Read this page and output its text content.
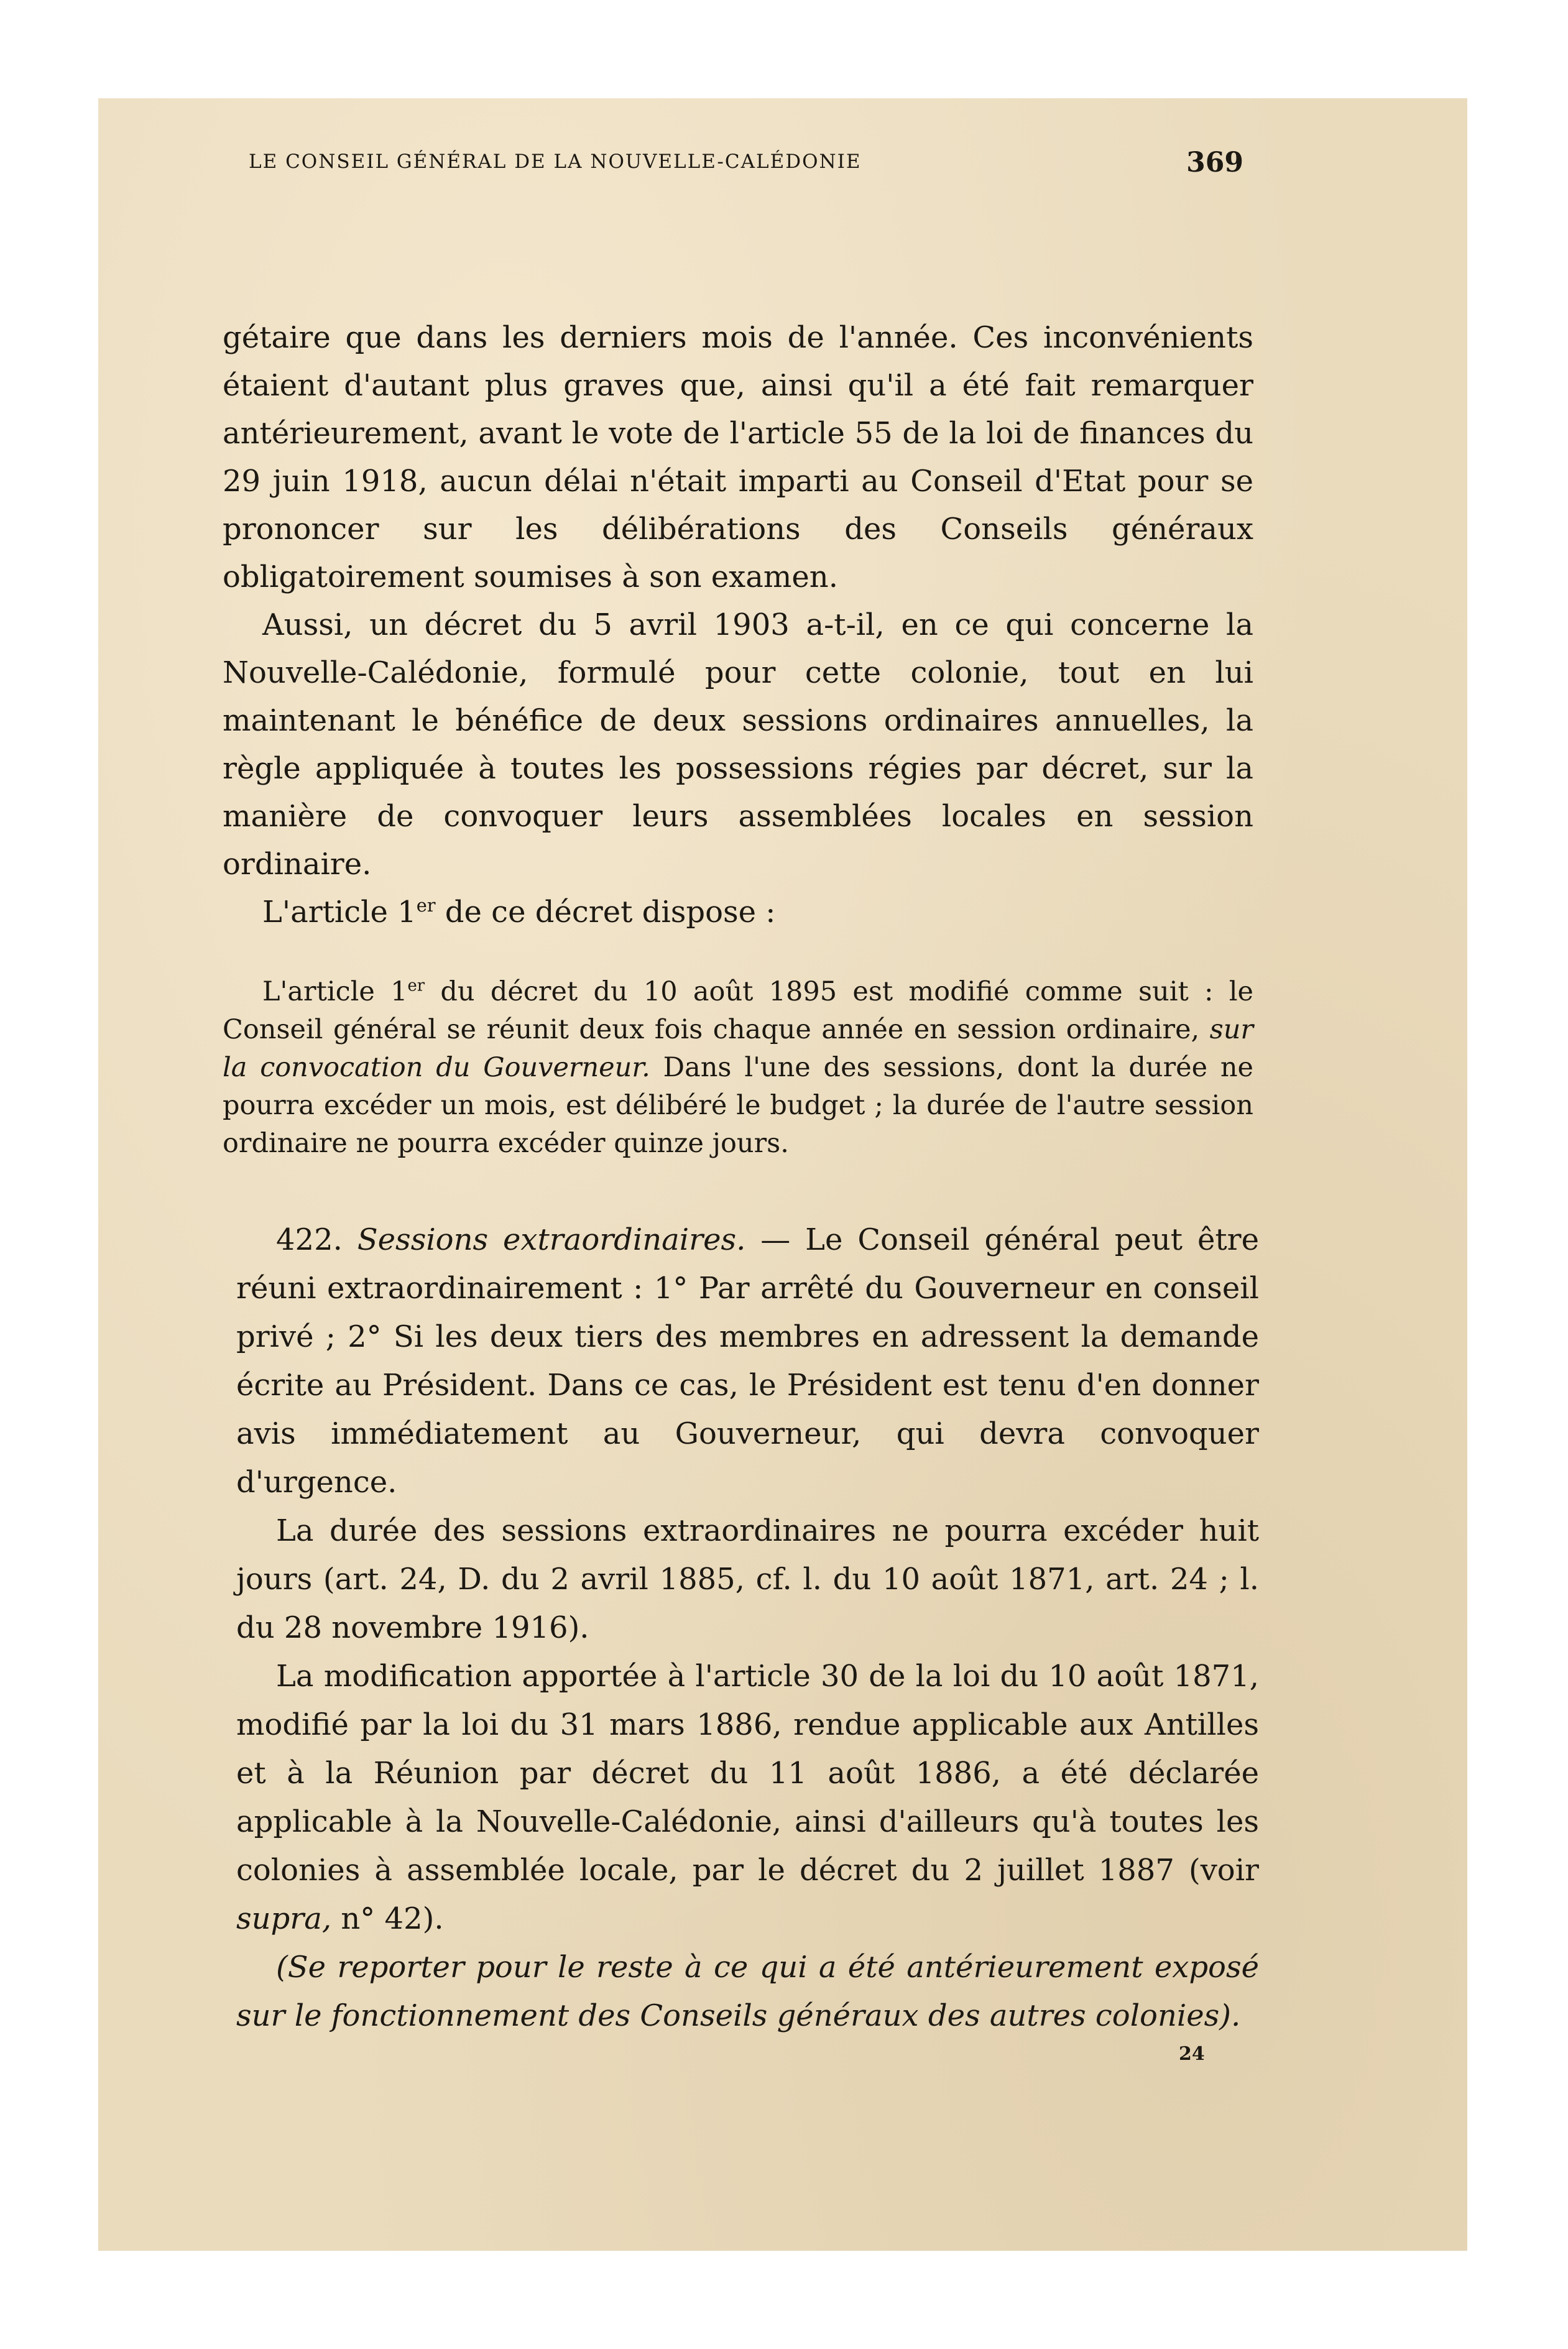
LE CONSEIL GÉNÉRAL DE LA NOUVELLE-CALÉDONIE	369

gétaire que dans les derniers mois de l'année. Ces inconvénients étaient d'autant plus graves que, ainsi qu'il a été fait remarquer antérieurement, avant le vote de l'article 55 de la loi de finances du 29 juin 1918, aucun délai n'était imparti au Conseil d'Etat pour se prononcer sur les délibérations des Conseils généraux obligatoirement soumises à son examen.

Aussi, un décret du 5 avril 1903 a-t-il, en ce qui concerne la Nouvelle-Calédonie, formulé pour cette colonie, tout en lui maintenant le bénéfice de deux sessions ordinaires annuelles, la règle appliquée à toutes les possessions régies par décret, sur la manière de convoquer leurs assemblées locales en session ordinaire.

L'article 1er de ce décret dispose :

L'article 1er du décret du 10 août 1895 est modifié comme suit : le Conseil général se réunit deux fois chaque année en session ordinaire, sur la convocation du Gouverneur. Dans l'une des sessions, dont la durée ne pourra excéder un mois, est délibéré le budget ; la durée de l'autre session ordinaire ne pourra excéder quinze jours.

422. Sessions extraordinaires. — Le Conseil général peut être réuni extraordinairement : 1° Par arrêté du Gouverneur en conseil privé ; 2° Si les deux tiers des membres en adressent la demande écrite au Président. Dans ce cas, le Président est tenu d'en donner avis immédiatement au Gouverneur, qui devra convoquer d'urgence.

La durée des sessions extraordinaires ne pourra excéder huit jours (art. 24, D. du 2 avril 1885, cf. l. du 10 août 1871, art. 24 ; l. du 28 novembre 1916).

La modification apportée à l'article 30 de la loi du 10 août 1871, modifié par la loi du 31 mars 1886, rendue applicable aux Antilles et à la Réunion par décret du 11 août 1886, a été déclarée applicable à la Nouvelle-Calédonie, ainsi d'ailleurs qu'à toutes les colonies à assemblée locale, par le décret du 2 juillet 1887 (voir supra, n° 42).

(Se reporter pour le reste à ce qui a été antérieurement exposé sur le fonctionnement des Conseils généraux des autres colonies).

24
